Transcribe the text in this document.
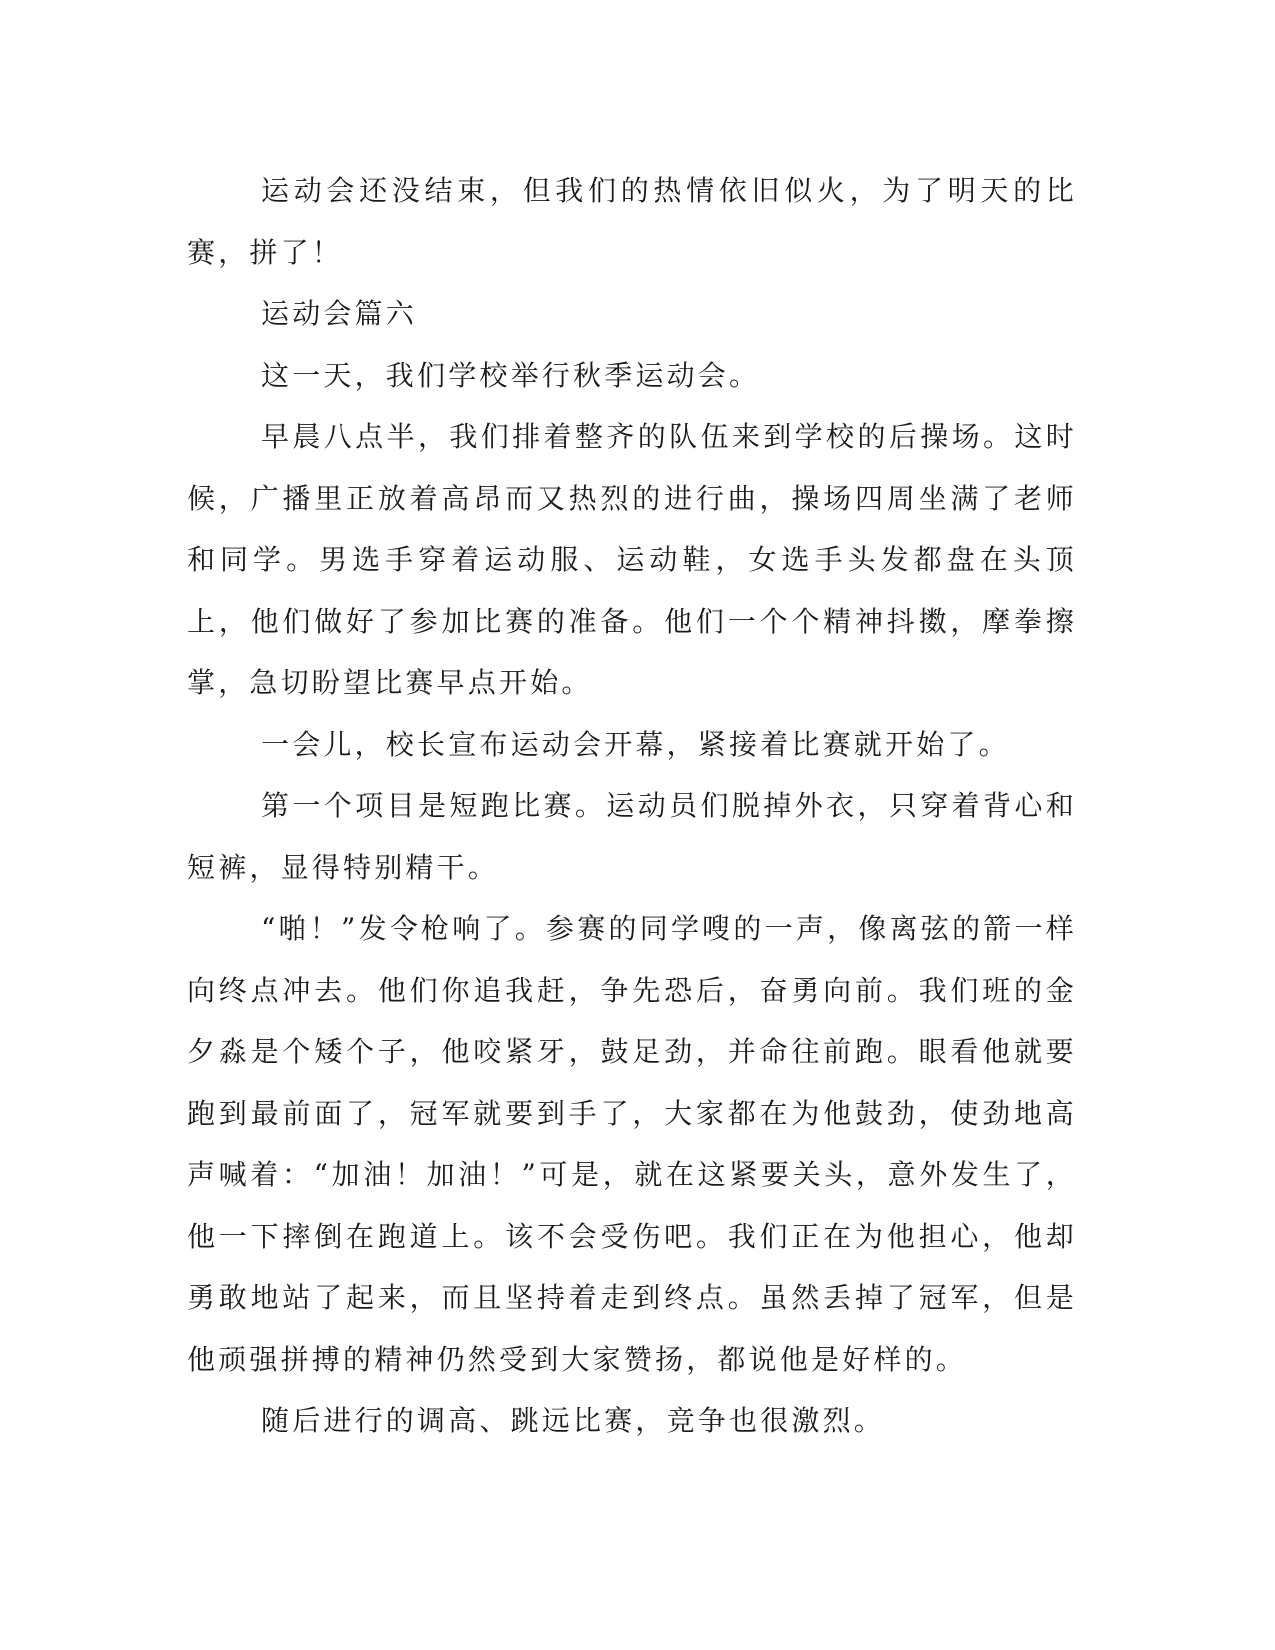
运动会还没结束，但我们的热情依旧似火，为了明天的比赛，拼了！

运动会篇六

这一天，我们学校举行秋季运动会。

早晨八点半，我们排着整齐的队伍来到学校的后操场。这时候，广播里正放着高昂而又热烈的进行曲，操场四周坐满了老师和同学。男选手穿着运动服、运动鞋，女选手头发都盘在头顶上，他们做好了参加比赛的准备。他们一个个精神抖擞，摩拳擦掌，急切盼望比赛早点开始。

一会儿，校长宣布运动会开幕，紧接着比赛就开始了。

第一个项目是短跑比赛。运动员们脱掉外衣，只穿着背心和短裤，显得特别精干。

“啪！”发令枪响了。参赛的同学嗖的一声，像离弦的箭一样向终点冲去。他们你追我赶，争先恐后，奋勇向前。我们班的金夕淼是个矮个子，他咬紧牙，鼓足劲，并命往前跑。眼看他就要跑到最前面了，冠军就要到手了，大家都在为他鼓劲，使劲地高声喊着：“加油！加油！”可是，就在这紧要关头，意外发生了，他一下摔倒在跑道上。该不会受伤吧。我们正在为他担心，他却勇敢地站了起来，而且坚持着走到终点。虽然丢掉了冠军，但是他顽强拼搏的精神仍然受到大家赞扬，都说他是好样的。

随后进行的调高、跳远比赛，竞争也很激烈。
